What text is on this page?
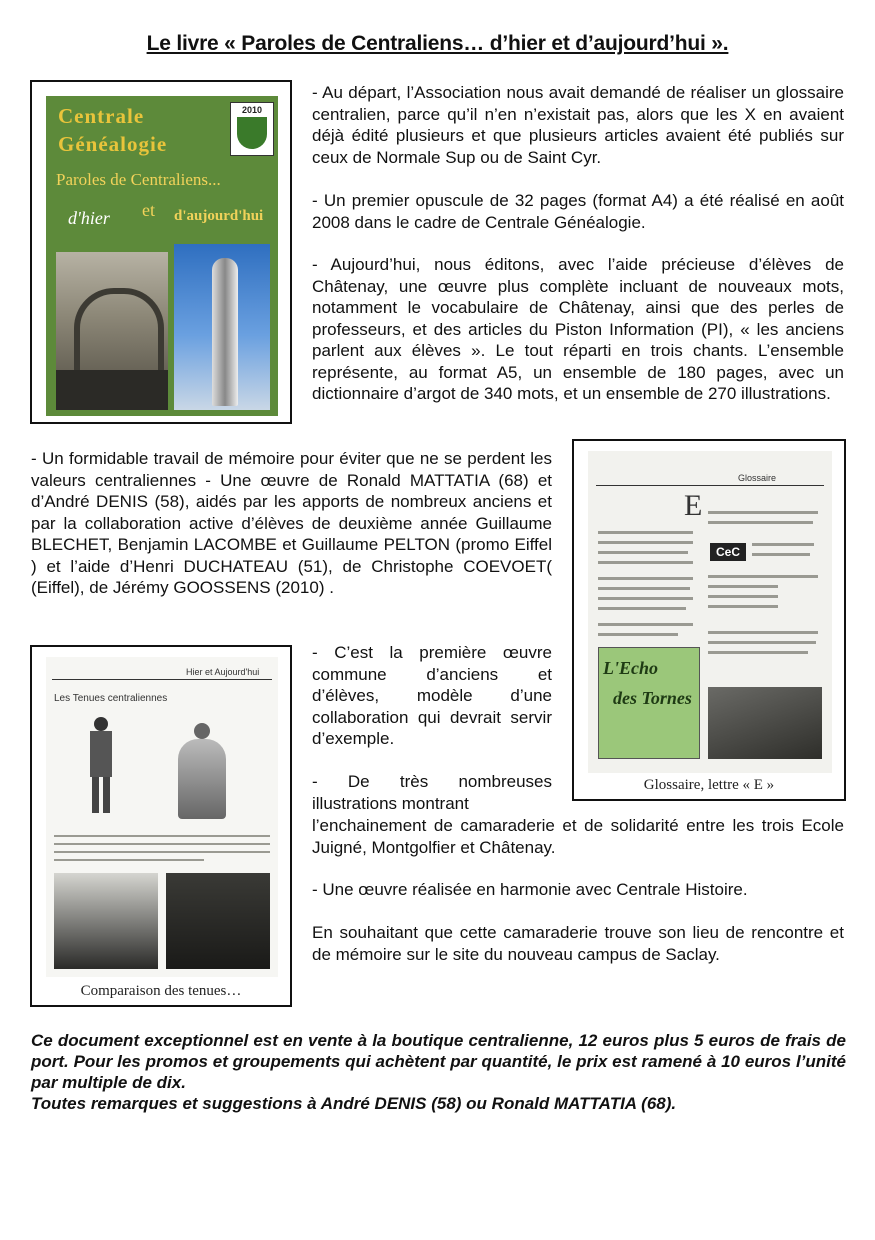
Le livre « Paroles de Centraliens… d’hier et d’aujourd’hui ».
Centrale
Généalogie
2010
Paroles de Centraliens...
d'hier et d'aujourd'hui

- Au départ, l’Association nous avait demandé de réaliser un glossaire centralien, parce qu’il n’en n’existait pas, alors que les X en avaient déjà édité plusieurs et que plusieurs articles avaient été publiés sur ceux de Normale Sup ou de Saint Cyr.

- Un premier opuscule de 32 pages (format A4) a été réalisé en août 2008 dans le cadre de Centrale Généalogie.

- Aujourd’hui, nous éditons, avec l’aide précieuse d’élèves de Châtenay, une œuvre plus complète incluant de nouveaux mots, notamment le vocabulaire de Châtenay, ainsi que des perles de professeurs, et des articles du Piston Information (PI), « les anciens parlent aux élèves ». Le tout réparti en trois chants. L’ensemble représente, au format A5, un ensemble de 180 pages, avec un dictionnaire d’argot de 340 mots, et un ensemble de 270 illustrations.

- Un formidable travail de mémoire pour éviter que ne se perdent les valeurs centraliennes - Une œuvre de Ronald MATTATIA (68) et d’André DENIS (58), aidés par les apports de nombreux anciens et par la collaboration active d’élèves de deuxième année Guillaume BLECHET, Benjamin LACOMBE et Guillaume PELTON (promo Eiffel ) et l’aide d’Henri DUCHATEAU (51), de Christophe COEVOET( (Eiffel), de Jérémy GOOSSENS (2010) .

Glossaire
E
CeC
L'Echo
des Tornes
Glossaire, lettre « E »
Hier et Aujourd'hui
Les Tenues centraliennes
Comparaison des tenues…

- C’est la première œuvre commune d’anciens et d’élèves, modèle d’une collaboration qui devrait servir d’exemple.

- De très nombreuses illustrations montrant

l’enchainement de camaraderie et de solidarité entre les trois Ecole Juigné, Montgolfier et Châtenay.

- Une œuvre réalisée en harmonie avec Centrale Histoire.

En souhaitant que cette camaraderie trouve son lieu de rencontre et de mémoire sur le site du nouveau campus de Saclay.

Ce document exceptionnel est en vente à la boutique centralienne, 12 euros plus 5 euros de frais de port. Pour les promos et groupements qui achètent par quantité, le prix est ramené à 10 euros l’unité par multiple de dix.

Toutes remarques et suggestions à André DENIS (58) ou Ronald MATTATIA (68).
